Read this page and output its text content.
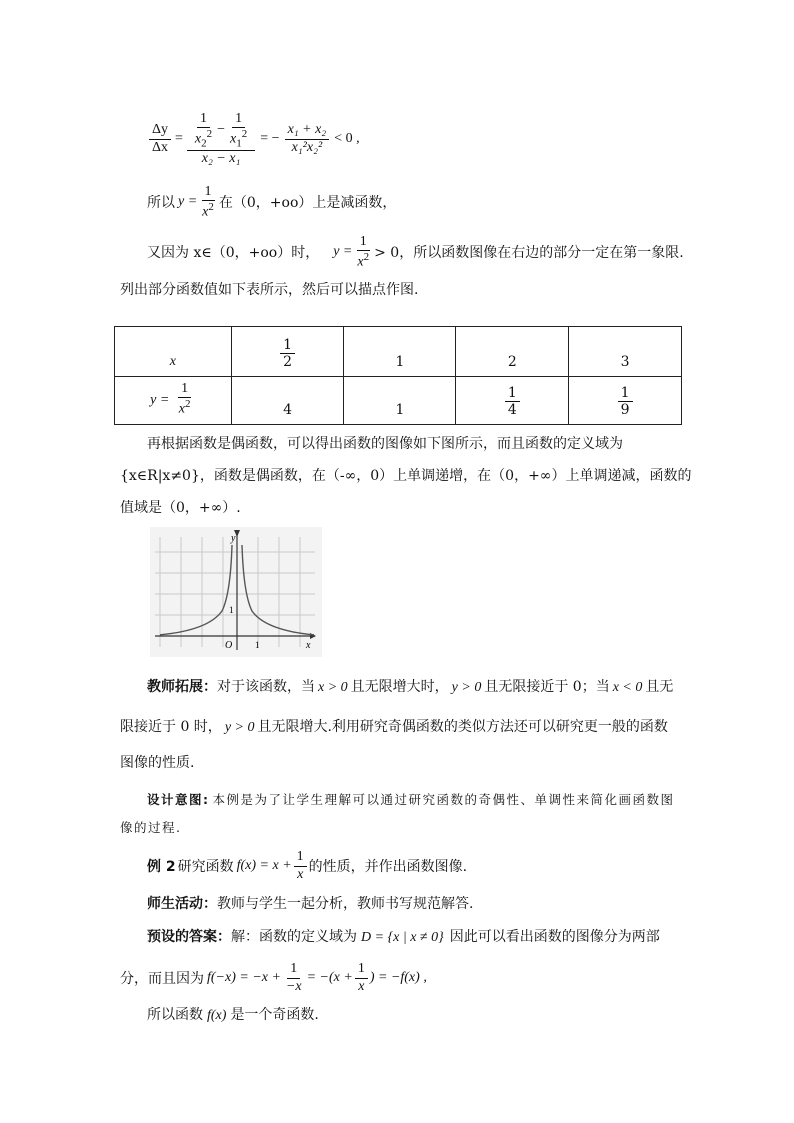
$\frac{\Delta y}{\Delta x} = \frac{\frac{1}{x_2^2} - \frac{1}{x_1^2}}{\text{x₂ − x₁}}$ = − $\frac{\text{x₁ + x₂}}{\text{x₁²x₂²}} < 0$ ,
所以 $y = \frac{1}{x^2}$ 在（0，+oo）上是减函数，
又因为 x∈（0，+oo）时， $y = \frac{1}{x^2} > 0$，所以函数图像在右边的部分一定在第一象限.
列出部分函数值如下表所示，然后可以描点作图.
x	$\frac{1}{2}$	1	2	3
$y = \frac{1}{x^2}$	4	1	$\frac{1}{4}$	$\frac{1}{9}$
再根据函数是偶函数，可以得出函数的图像如下图所示，而且函数的定义域为
{x∈R|x≠0}，函数是偶函数，在（-∞，0）上单调递增，在（0，+∞）上单调递减，函数的
值域是（0，+∞）.
y
x
O	1
1
教师拓展：对于该函数，当 x > 0 且无限增大时， y > 0 且无限接近于 0；当 x < 0 且无
限接近于 0 时， y > 0 且无限增大.利用研究奇偶函数的类似方法还可以研究更一般的函数
图像的性质.
设计意图: 本例是为了让学生理解可以通过研究函数的奇偶性、单调性来简化画函数图
像的过程.
例 2 研究函数 $f(x) = x + \frac{1}{x}$ 的性质，并作出函数图像.
师生活动：教师与学生一起分析，教师书写规范解答.
预设的答案：解：函数的定义域为 D = {x | x ≠ 0} 因此可以看出函数的图像分为两部
分，而且因为 $f(-x) = -x + \frac{1}{-x} = -(x + \frac{1}{x}$ ) = −f(x) ,
所以函数 f(x) 是一个奇函数.
